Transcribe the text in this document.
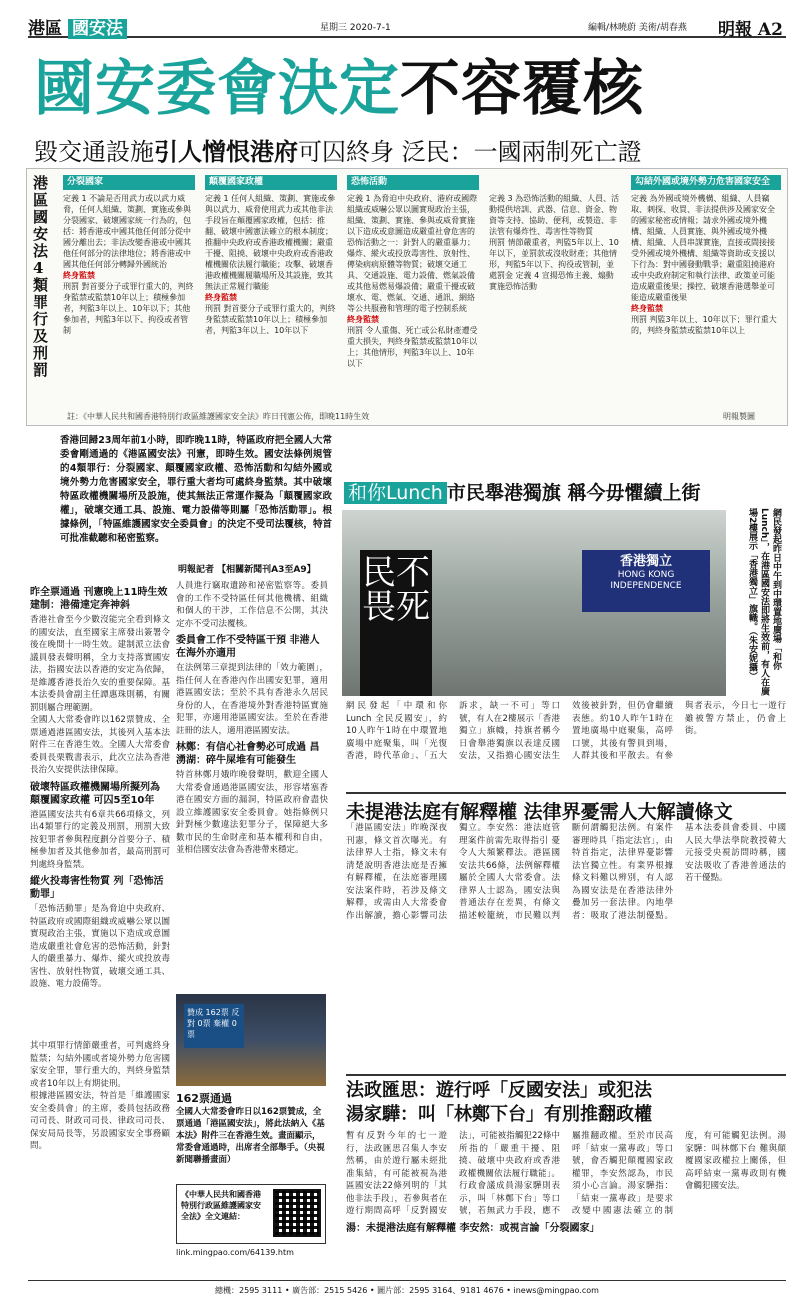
港區 國安法	星期三 2020-7-1	編輯/林曉蔚 美術/胡春燕 明報 A2
國安委會決定不容覆核
毀交通設施引人憎恨港府可囚終身 泛民：一國兩制死亡證
港區國安法4類罪行及刑罰
分裂國家
定義 1 不論是否用武力或以武力威脅，任何人組織、策劃、實施或參與分裂國家、破壞國家統一行為的，包括：將香港或中國其他任何部分從中國分離出去；非法改變香港或中國其他任何部分的法律地位；將香港或中國其他任何部分轉歸外國統治
終身監禁
刑罰 對首要分子或罪行重大的，判終身監禁或監禁10年以上；積極參加者，判監3年以上、10年以下；其他參加者，判監3年以下、拘役或者管制
顛覆國家政權
定義 1 任何人組織、策劃、實施或參與以武力、威脅使用武力或其他非法手段旨在顛覆國家政權，包括：推翻、破壞中國憲法確立的根本制度；推翻中央政府或香港政權機關；嚴重干擾、阻撓、破壞中央政府或香港政權機關依法履行職能；攻擊、破壞香港政權機關履職場所及其設施，致其無法正常履行職能
終身監禁
刑罰 對首要分子或罪行重大的，判終身監禁或監禁10年以上；積極參加者，判監3年以上、10年以下
恐怖活動
定義 1 為脅迫中央政府、港府或國際組織或威嚇公眾以圖實現政治主張，組織、策劃、實施、參與或威脅實施以下造成或意圖造成嚴重社會危害的恐怖活動之一：針對人的嚴重暴力；爆炸、縱火或投放毒害性、放射性、傳染病病原體等物質；破壞交通工具、交通設施、電力設備、燃氣設備或其他易燃易爆設備；嚴重干擾或破壞水、電、燃氣、交通、通訊、網絡等公共服務和管理的電子控制系統
終身監禁
刑罰 令人重傷、死亡或公私財產遭受重大損失，判終身監禁或監禁10年以上；其他情形，判監3年以上、10年以下
定義 3 為恐怖活動的組織、人員、活動提供培訓、武器、信息、資金、物資等支持、協助、便利，或製造、非法管有爆炸性、毒害性等物質
刑罰 情節嚴重者，判監5年以上、10年以下，並罰款或沒收財產；其他情形，判監5年以下、拘役或管制，並處罰金 定義 4 宣揚恐怖主義、煽動實施恐怖活動
勾結外國或境外勢力危害國家安全
定義 為外國或境外機構、組織、人員竊取、刺探、收買、非法提供涉及國家安全的國家秘密或情報；請求外國或境外機構、組織、人員實施、與外國或境外機構、組織、人員串謀實施，直接或間接接受外國或境外機構、組織等資助或支援以下行為：對中國發動戰爭；嚴重阻撓港府或中央政府制定和執行法律、政策並可能造成嚴重後果；操控、破壞香港選舉並可能造成嚴重後果
終身監禁
刑罰 判監3年以上、10年以下；罪行重大的，判終身監禁或監禁10年以上
註：《中華人民共和國香港特別行政區維護國家安全法》昨日刊憲公佈，即晚11時生效	明報製圖
香港回歸23周年前1小時，即昨晚11時，特區政府把全國人大常委會剛通過的《港區國安法》刊憲，即時生效。國安法條例規管的4類罪行：分裂國家、顛覆國家政權、恐怖活動和勾結外國或境外勢力危害國家安全，罪行重大者均可處終身監禁。其中破壞特區政權機關場所及設施，使其無法正常運作擬為「顛覆國家政權」，破壞交通工具、設施、電力設備等則屬「恐怖活動罪」。根據條例，「特區維護國家安全委員會」的決定不受司法覆核，特首可批准截聽和秘密監察。
明報記者 【相關新聞刊A3至A9】
昨全票通過 刊憲晚上11時生效 建制：港備達定奔神斜
香港社會至今少數沒能完全看到條文的國安法，直至國家主席發出簽署令後在晚間十一時生效。建制派立法會議員發表聲明稱，全力支持落實國安法，指國安法以香港的安定為依歸，是維護香港長治久安的重要保障。基本法委員會副主任譚惠珠則稱，有關罰則屬合理範圍。
全國人大常委會昨以162票贊成、全票通過港區國安法，其後列入基本法附件三在香港生效。全國人大常委會委員長栗戰書表示，此次立法為香港長治久安提供法律保障。
破壞特區政權機關場所擬列為 顛覆國家政權 可囚5至10年
港區國安法共有6章共66項條文，列出4類罪行的定義及刑罰，刑罰大致按犯罪者參與程度劃分首要分子、積極參加者及其他參加者，最高刑罰可判處終身監禁。
縱火投毒害性物質 列「恐怖活動罪」
「恐怖活動罪」是為脅迫中央政府、特區政府或國際組織或威嚇公眾以圖實現政治主張，實施以下造成或意圖造成嚴重社會危害的恐怖活動，針對人的嚴重暴力、爆炸、縱火或投放毒害性、放射性物質，破壞交通工具、設施、電力設備等。
人員進行竊取遺跡和祕密監察等。委員會的工作不受特區任何其他機構、組織和個人的干涉，工作信息不公開，其決定亦不受司法覆核。
委員會工作不受特區干預 非港人在海外亦適用
在法例第三章提到法律的「效力範圍」，指任何人在香港內作出國安犯罪，適用港區國安法；至於不具有香港永久居民身份的人，在香港境外對香港特區實施犯罪，亦適用港區國安法。至於在香港註冊的法人，適用港區國安法。
林鄭：有信心社會勢必可成過 昌湧湖：碎牛屎堆有可能發生
特首林鄭月娥昨晚發聲明，歡迎全國人大常委會通過港區國安法，形容堵塞香港在國安方面的漏洞，特區政府會盡快設立維護國家安全委員會。她指條例只針對極少數違法犯罪分子，保障絕大多數市民的生命財產和基本權利和自由，並相信國安法會為香港帶來穩定。
和你Lunch 市民舉港獨旗 稱今毋懼續上街
民不畏死
香港獨立
HONG KONG INDEPENDENCE	網民發起昨日中午到中環置地廣場「和你Lunch」，在港區國安法即將生效前，有人在廣場2樓展示「香港獨立」旗幟。（朱安妮攝）
網民發起「中環和你Lunch 全民反國安」，約10人昨午1時在中環置地廣場中庭聚集，叫「光復香港，時代革命」、「五大訴求，缺一不可」等口號，有人在2樓展示「香港獨立」旗幟，持旗者稱今日會舉港獨旗以表達反國安法，又指擔心國安法生效後被針對，但仍會繼續表態。約10人昨午1時在置地廣場中庭聚集，高呼口號，其後有警員到場，人群其後和平散去。有參與者表示，今日七一遊行雖被警方禁止，仍會上街。
未提港法庭有解釋權 法律界憂需人大解讀條文
「港區國安法」昨晚深夜刊憲，條文首次曝光。有法律界人士指，條文未有清楚說明香港法庭是否擁有解釋權，在法庭審理國安法案件時，若涉及條文解釋，或需由人大常委會作出解讀，擔心影響司法獨立。李安然：港法庭管理案件前需先取得指引 憂令人大頻繁釋法。港區國安法共66條，法例解釋權屬於全國人大常委會。法律界人士認為，國安法與普通法存在差異，有條文描述較籠統，市民難以判斷何謂觸犯法例。有案件審理時具「指定法官」，由特首指定，法律界憂影響法官獨立性。有業界根據條文料難以辨別，有人認為國安法是在香港法律外疊加另一套法律。內地學者：吸取了港法制優點。基本法委員會委員、中國人民大學法學院教授韓大元接受央視訪問時稱，國安法吸收了香港普通法的若干優點。
法政匯思：遊行呼「反國安法」或犯法
湯家驊：叫「林鄭下台」有別推翻政權
暫有反對今年的七一遊行，法政匯思召集人李安然稱，由於遊行屬未經批准集結，有可能被視為港區國安法22條列明的「其他非法手段」，若參與者在遊行期間高呼「反對國安法」，可能被指觸犯22條中所指的「嚴重干擾、阻撓、破壞中央政府或香港政權機關依法履行職能」。行政會議成員湯家驊則表示，叫「林鄭下台」等口號，若無武力手段，應不屬推翻政權。至於市民高呼「結束一黨專政」等口號，會否觸犯顛覆國家政權罪，李安然認為，市民須小心言論。湯家驊指：「結束一黨專政」是要求改變中國憲法確立的制度，有可能觸犯法例。湯家驊：叫林鄭下台 難與顛覆國家政權拉上關係，但高呼結束一黨專政則有機會觸犯國安法。
湯：未提港法庭有解釋權 李安然：或視言論「分裂國家」
贊成 162票 反對 0票 棄權 0票
162票通過
全國人大常委會昨日以162票贊成，全票通過「港區國安法」，將此法納入《基本法》附件三在香港生效。畫面顯示，常委會通過時，出席者全部舉手。（央視新聞聯播畫面）
其中項罪行情節嚴重者，可判處終身監禁；勾結外國或者境外勢力危害國家安全罪，罪行重大的，判終身監禁或者10年以上有期徒刑。
根據港區國安法，特首是「維護國家安全委員會」的主席，委員包括政務司司長、財政司司長、律政司司長、保安局局長等，另設國家安全事務顧問。
《中華人民共和國香港特別行政區維護國家安全法》全文連結：
link.mingpao.com/64139.htm
總機：2595 3111 • 廣告部：2515 5426 • 圖片部：2595 3164、9181 4676 • inews@mingpao.com
